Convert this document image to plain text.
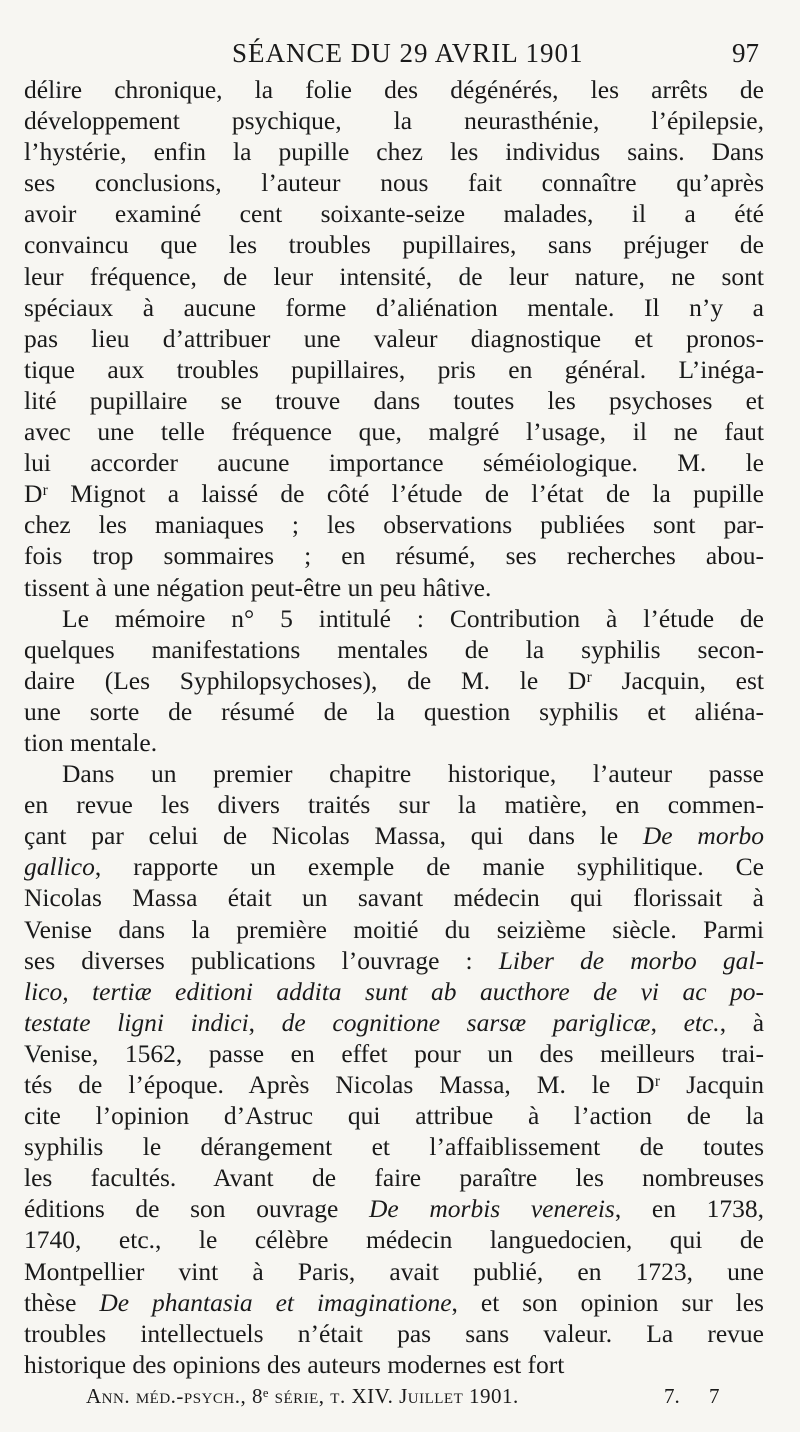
SÉANCE DU 29 AVRIL 1901	97
délire chronique, la folie des dégénérés, les arrêts de
développement psychique, la neurasthénie, l’épilepsie,
l’hystérie, enfin la pupille chez les individus sains. Dans
ses conclusions, l’auteur nous fait connaître qu’après
avoir examiné cent soixante-seize malades, il a été
convaincu que les troubles pupillaires, sans préjuger de
leur fréquence, de leur intensité, de leur nature, ne sont
spéciaux à aucune forme d’aliénation mentale. Il n’y a
pas lieu d’attribuer une valeur diagnostique et pronos-
tique aux troubles pupillaires, pris en général. L’inéga-
lité pupillaire se trouve dans toutes les psychoses et
avec une telle fréquence que, malgré l’usage, il ne faut
lui accorder aucune importance séméiologique. M. le
Dʳ Mignot a laissé de côté l’étude de l’état de la pupille
chez les maniaques ; les observations publiées sont par-
fois trop sommaires ; en résumé, ses recherches abou-
tissent à une négation peut-être un peu hâtive.
Le mémoire n° 5 intitulé : Contribution à l’étude de
quelques manifestations mentales de la syphilis secon-
daire (Les Syphilopsychoses), de M. le Dʳ Jacquin, est
une sorte de résumé de la question syphilis et aliéna-
tion mentale.
Dans un premier chapitre historique, l’auteur passe
en revue les divers traités sur la matière, en commen-
çant par celui de Nicolas Massa, qui dans le De morbo
gallico, rapporte un exemple de manie syphilitique. Ce
Nicolas Massa était un savant médecin qui florissait à
Venise dans la première moitié du seizième siècle. Parmi
ses diverses publications l’ouvrage : Liber de morbo gal-
lico, tertiæ editioni addita sunt ab aucthore de vi ac po-
testate ligni indici, de cognitione sarsæ pariglicæ, etc., à
Venise, 1562, passe en effet pour un des meilleurs trai-
tés de l’époque. Après Nicolas Massa, M. le Dʳ Jacquin
cite l’opinion d’Astruc qui attribue à l’action de la
syphilis le dérangement et l’affaiblissement de toutes
les facultés. Avant de faire paraître les nombreuses
éditions de son ouvrage De morbis venereis, en 1738,
1740, etc., le célèbre médecin languedocien, qui de
Montpellier vint à Paris, avait publié, en 1723, une
thèse De phantasia et imaginatione, et son opinion sur les
troubles intellectuels n’était pas sans valeur. La revue
historique des opinions des auteurs modernes est fort
Ann. méd.-psych., 8ᵉ série, t. XIV. Juillet 1901.	7. 7
